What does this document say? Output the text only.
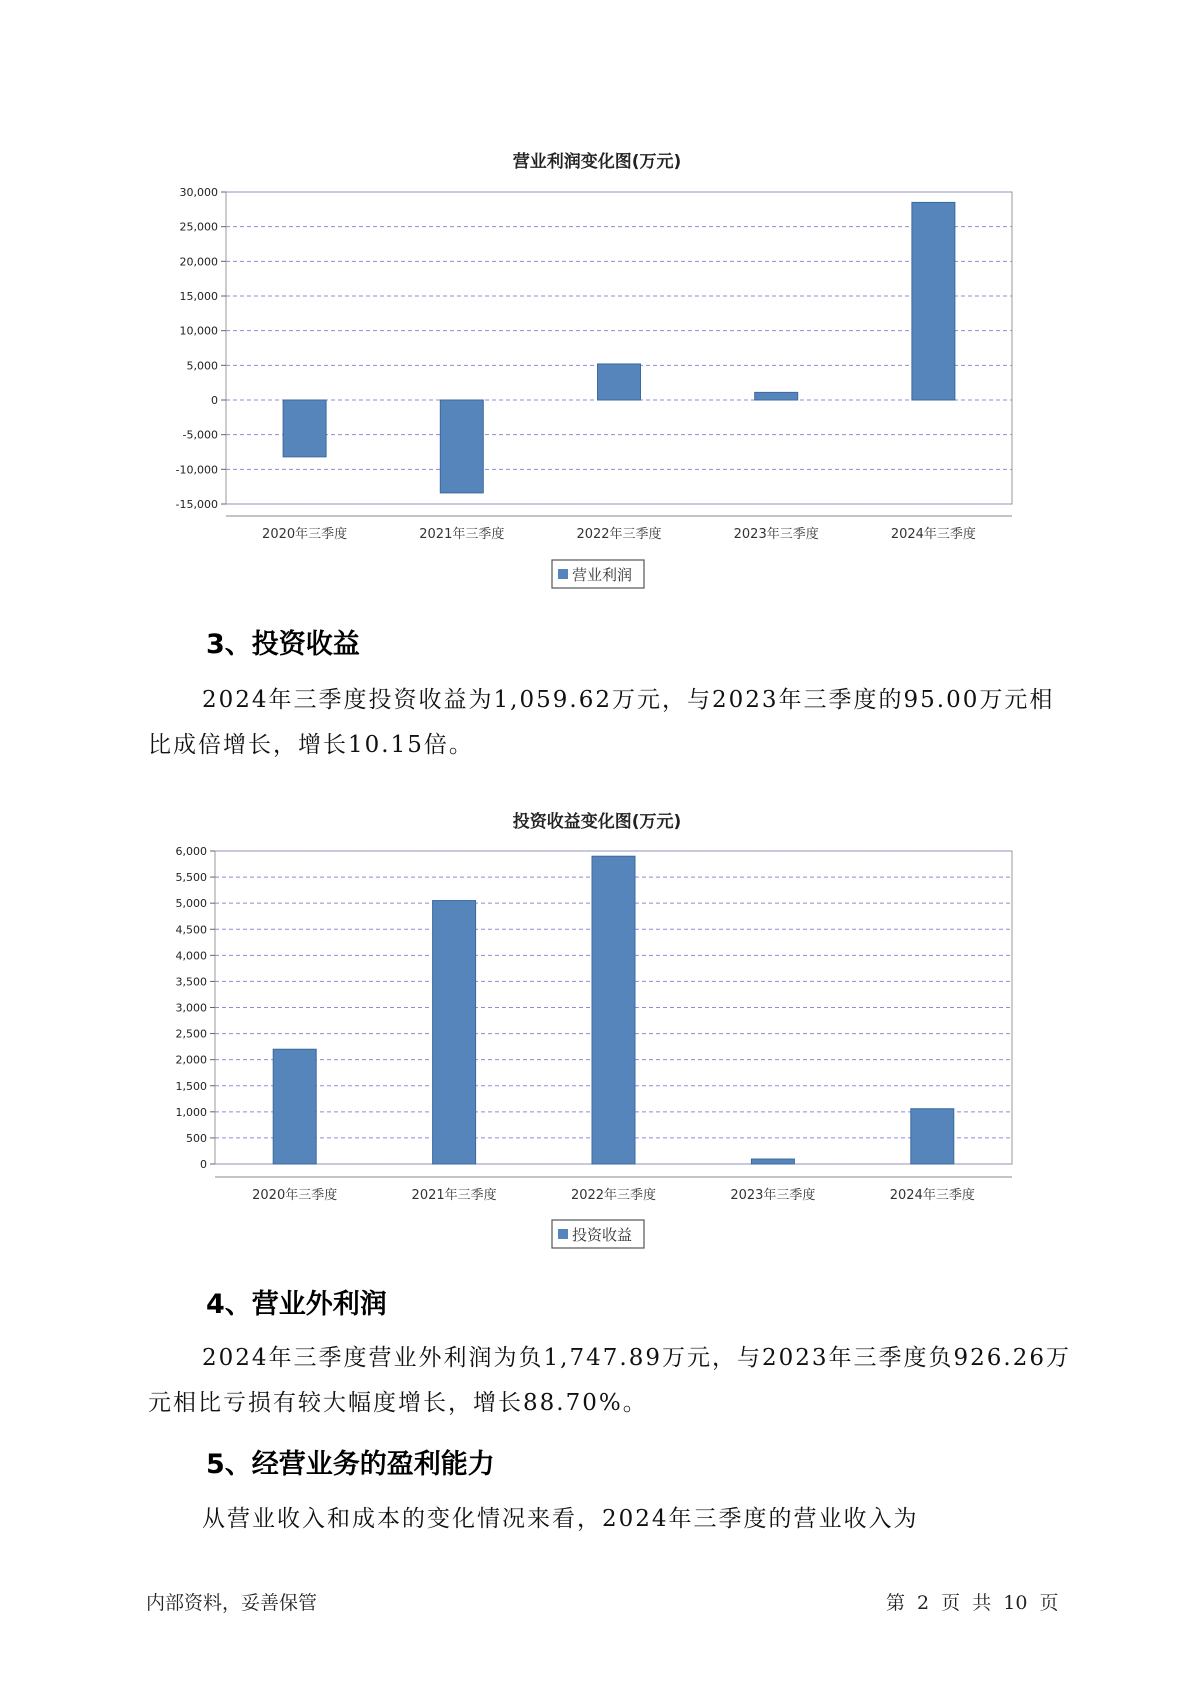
营业利润变化图(万元)
30,000
25,000
20,000
15,000
10,000
5,000
0
-5,000
-10,000
-15,000
2020年三季度	2021年三季度	2022年三季度	2023年三季度	2024年三季度
营业利润
3、投资收益

2024年三季度投资收益为1,059.62万元，与2023年三季度的95.00万元相比成倍增长，增长10.15倍。

投资收益变化图(万元)
6,000
5,500
5,000
4,500
4,000
3,500
3,000
2,500
2,000
1,500
1,000
500
0
2020年三季度	2021年三季度	2022年三季度	2023年三季度	2024年三季度
投资收益
4、营业外利润

2024年三季度营业外利润为负1,747.89万元，与2023年三季度负926.26万元相比亏损有较大幅度增长，增长88.70%。

5、经营业务的盈利能力

从营业收入和成本的变化情况来看，2024年三季度的营业收入为

内部资料，妥善保管	第 2 页 共 10 页
